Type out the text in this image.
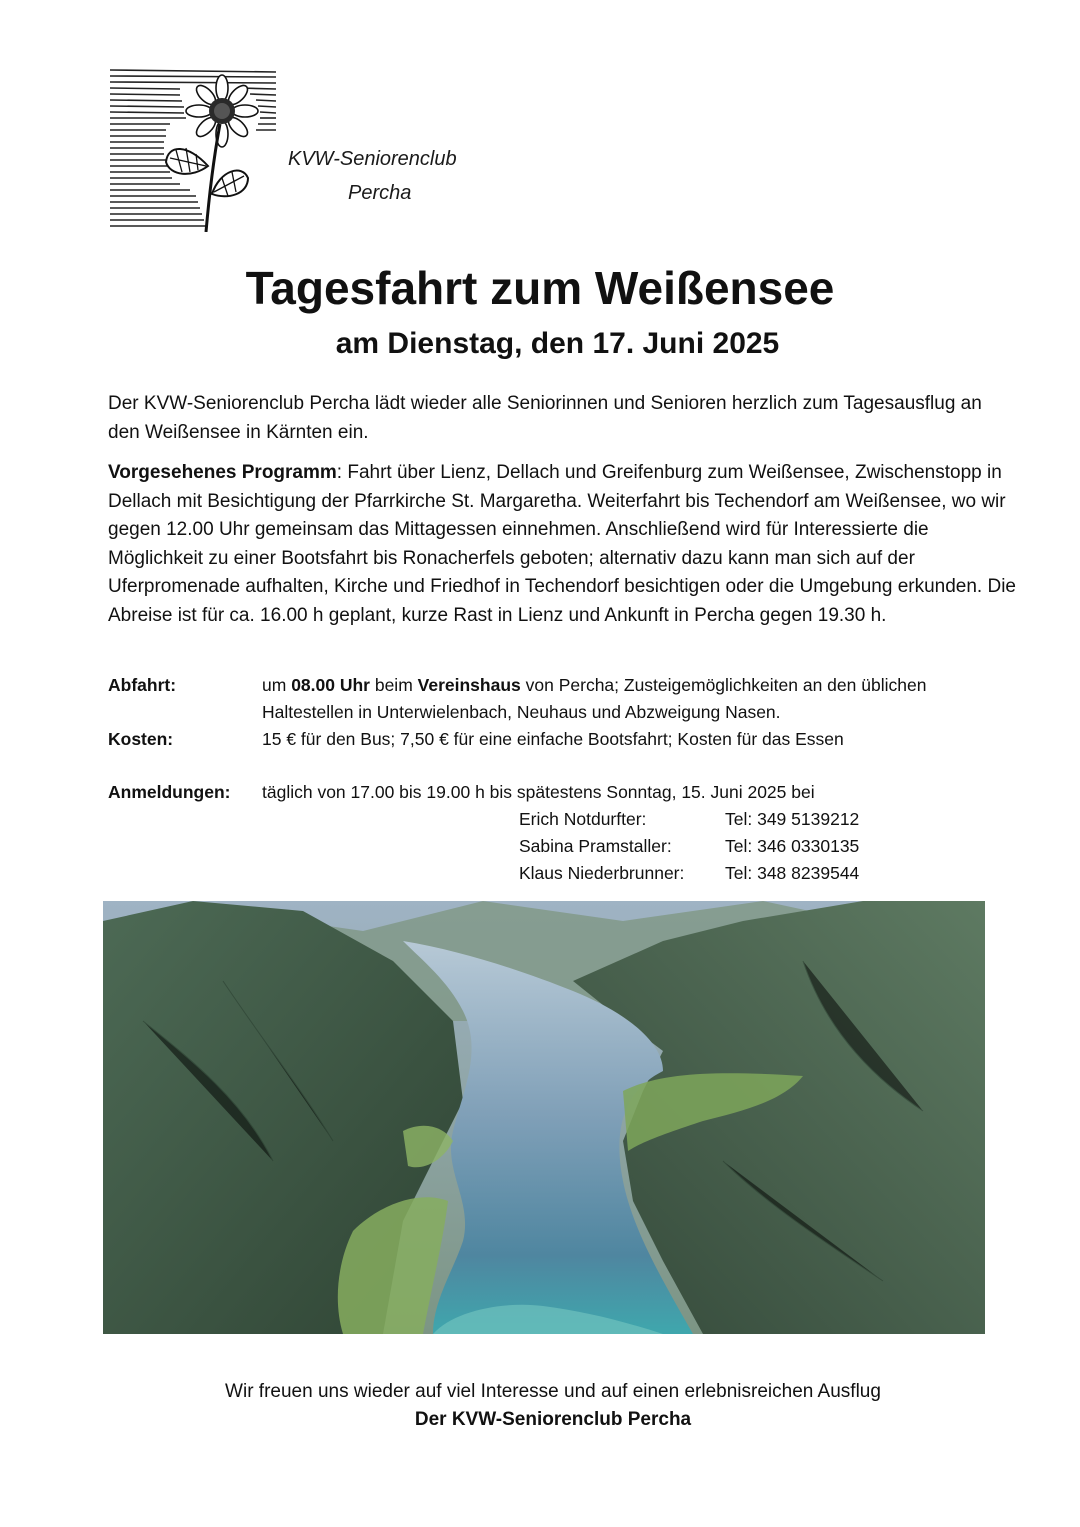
KVW-Seniorenclub
Percha
Tagesfahrt zum Weißensee
am Dienstag, den 17. Juni 2025

Der KVW-Seniorenclub Percha lädt wieder alle Seniorinnen und Senioren herzlich zum Tagesausflug an den Weißensee in Kärnten ein.

Vorgesehenes Programm: Fahrt über Lienz, Dellach und Greifenburg zum Weißensee, Zwischenstopp in Dellach mit Besichtigung der Pfarrkirche St. Margaretha. Weiterfahrt bis Techendorf am Weißensee, wo wir gegen 12.00 Uhr gemeinsam das Mittagessen einnehmen. Anschließend wird für Interessierte die Möglichkeit zu einer Bootsfahrt bis Ronacherfels geboten; alternativ dazu kann man sich auf der Uferpromenade aufhalten, Kirche und Friedhof in Techendorf besichtigen oder die Umgebung erkunden. Die Abreise ist für ca. 16.00 h geplant, kurze Rast in Lienz und Ankunft in Percha gegen 19.30 h.

Abfahrt:	um 08.00 Uhr beim Vereinshaus von Percha; Zusteigemöglichkeiten an den üblichen Haltestellen in Unterwielenbach, Neuhaus und Abzweigung Nasen.
Kosten:	15 € für den Bus; 7,50 € für eine einfache Bootsfahrt; Kosten für das Essen
Anmeldungen:	täglich von 17.00 bis 19.00 h bis spätestens Sonntag, 15. Juni 2025 bei
Erich Notdurfter:	Tel: 349 5139212
Sabina Pramstaller:	Tel: 346 0330135
Klaus Niederbrunner:	Tel: 348 8239544
Wir freuen uns wieder auf viel Interesse und auf einen erlebnisreichen Ausflug
Der KVW-Seniorenclub Percha
